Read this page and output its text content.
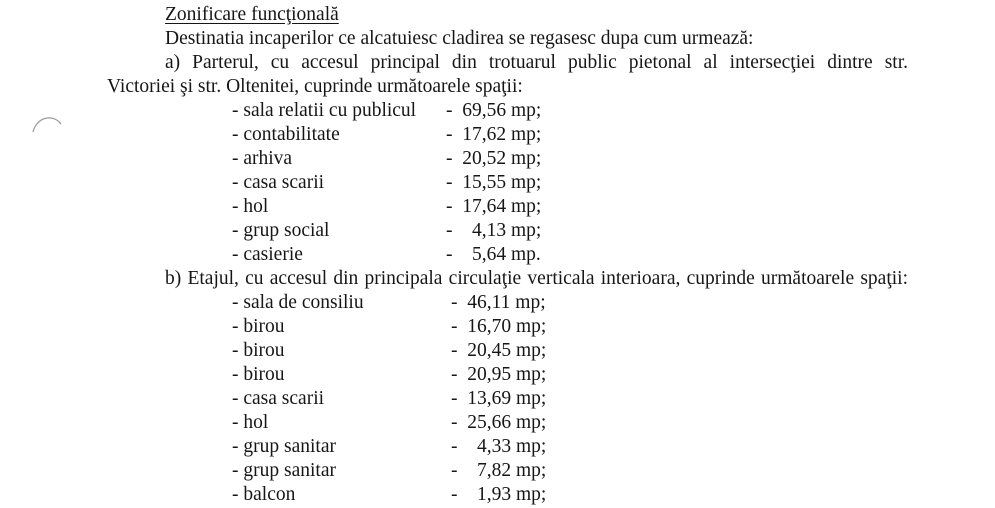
Zonificare funcţională
Destinatia incaperilor ce alcatuiesc cladirea se regasesc dupa cum urmează:
a) Parterul, cu accesul principal din trotuarul public pietonal al intersecţiei dintre str.
Victoriei şi str. Oltenitei, cuprinde următoarele spaţii:
- sala relatii cu publicul -  69,56 mp;
- contabilitate	-  17,62 mp;
- arhiva	-  20,52 mp;
- casa scarii	-  15,55 mp;
- hol	-  17,64 mp;
- grup social	-    4,13 mp;
- casierie	-    5,64 mp.
b) Etajul, cu accesul din principala circulaţie verticala interioara, cuprinde următoarele spaţii:
- sala de consiliu	-  46,11 mp;
- birou	-  16,70 mp;
- birou	-  20,45 mp;
- birou	-  20,95 mp;
- casa scarii	-  13,69 mp;
- hol	-  25,66 mp;
- grup sanitar	-    4,33 mp;
- grup sanitar	-    7,82 mp;
- balcon	-    1,93 mp;
